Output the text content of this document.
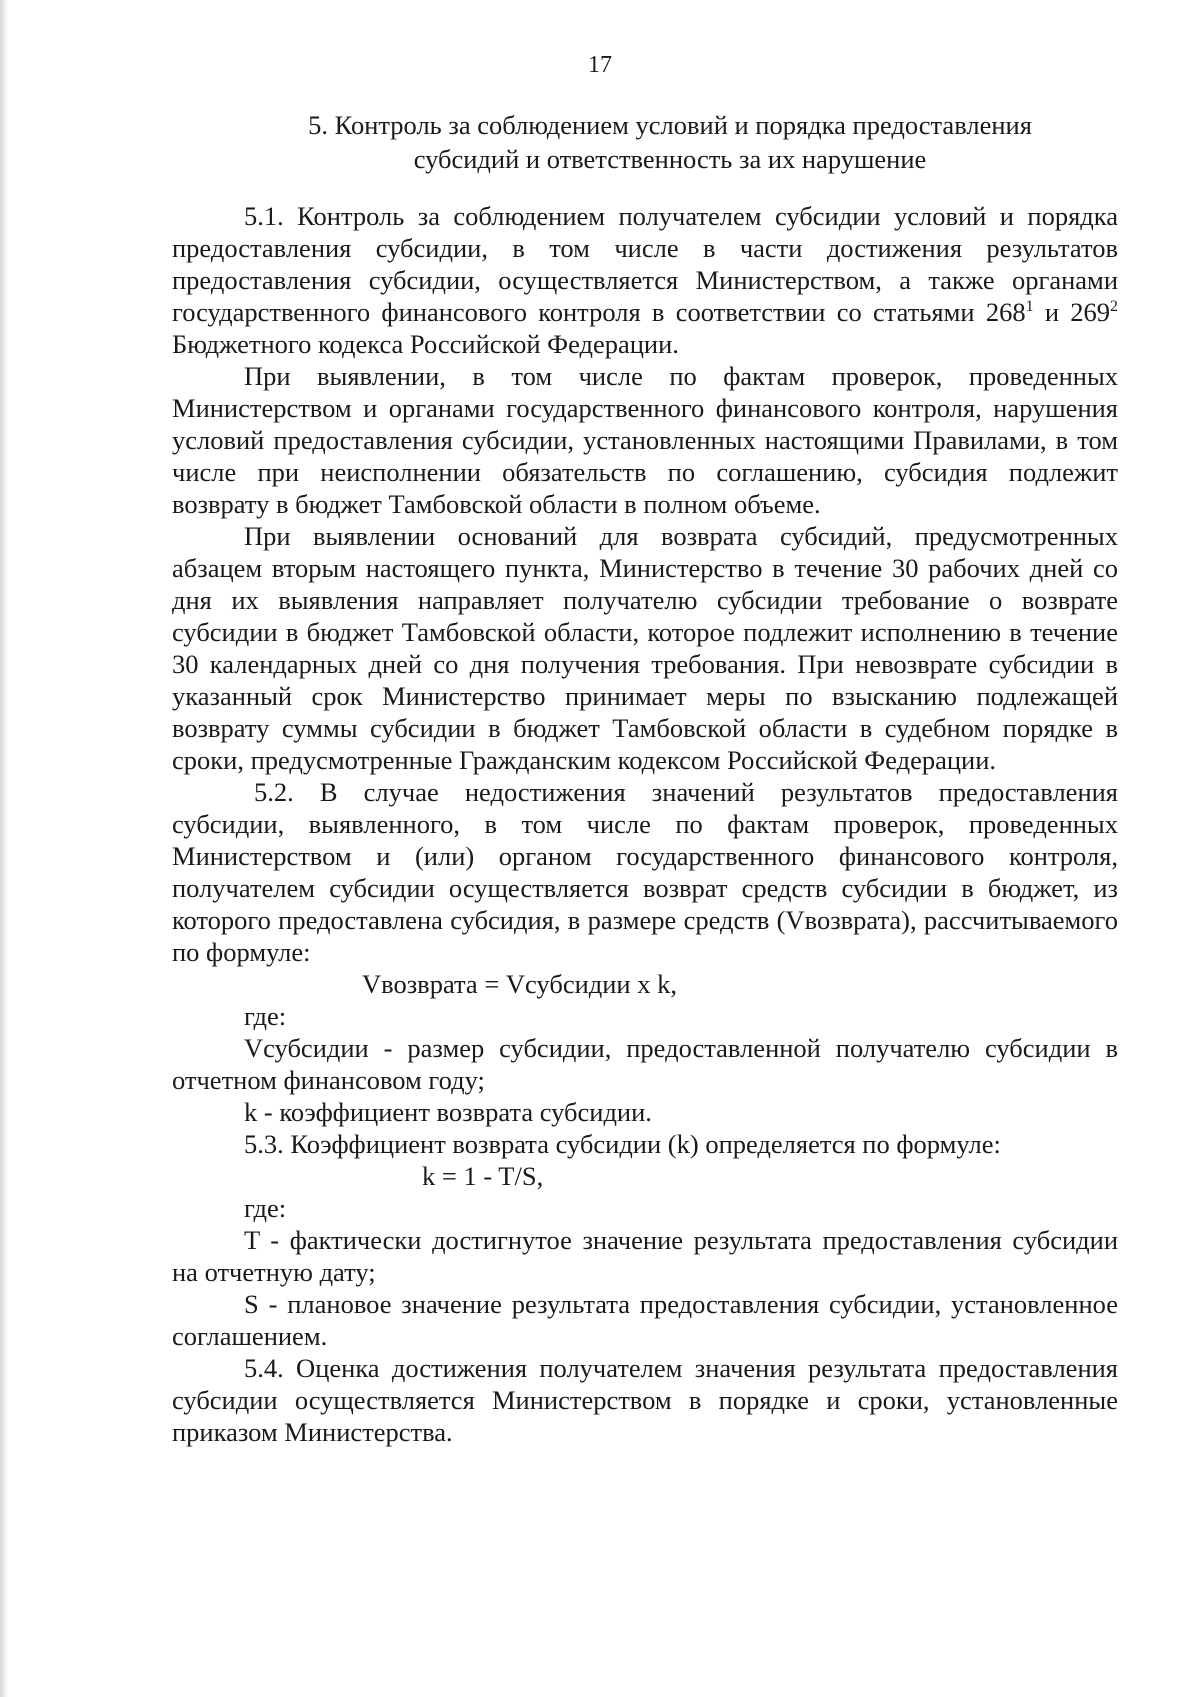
17
5. Контроль за соблюдением условий и порядка предоставления
субсидий и ответственность за их нарушение

5.1. Контроль за соблюдением получателем субсидии условий и порядка предоставления субсидии, в том числе в части достижения результатов предоставления субсидии, осуществляется Министерством, а также органами государственного финансового контроля в соответствии со статьями $268^1$ и $269^2$ Бюджетного кодекса Российской Федерации.

При выявлении, в том числе по фактам проверок, проведенных Министерством и органами государственного финансового контроля, нарушения условий предоставления субсидии, установленных настоящими Правилами, в том числе при неисполнении обязательств по соглашению, субсидия подлежит возврату в бюджет Тамбовской области в полном объеме.

При выявлении оснований для возврата субсидий, предусмотренных абзацем вторым настоящего пункта, Министерство в течение 30 рабочих дней со дня их выявления направляет получателю субсидии требование о возврате субсидии в бюджет Тамбовской области, которое подлежит исполнению в течение 30 календарных дней со дня получения требования. При невозврате субсидии в указанный срок Министерство принимает меры по взысканию подлежащей возврату суммы субсидии в бюджет Тамбовской области в судебном порядке в сроки, предусмотренные Гражданским кодексом Российской Федерации.

5.2. В случае недостижения значений результатов предоставления субсидии, выявленного, в том числе по фактам проверок, проведенных Министерством и (или) органом государственного финансового контроля, получателем субсидии осуществляется возврат средств субсидии в бюджет, из которого предоставлена субсидия, в размере средств (Vвозврата), рассчитываемого по формуле:

Vвозврата = Vсубсидии x k,

где:

Vсубсидии - размер субсидии, предоставленной получателю субсидии в отчетном финансовом году;

k - коэффициент возврата субсидии.

5.3. Коэффициент возврата субсидии (k) определяется по формуле:

k = 1 - T/S,

где:

T - фактически достигнутое значение результата предоставления субсидии на отчетную дату;

S - плановое значение результата предоставления субсидии, установленное соглашением.

5.4. Оценка достижения получателем значения результата предоставления субсидии осуществляется Министерством в порядке и сроки, установленные приказом Министерства.
